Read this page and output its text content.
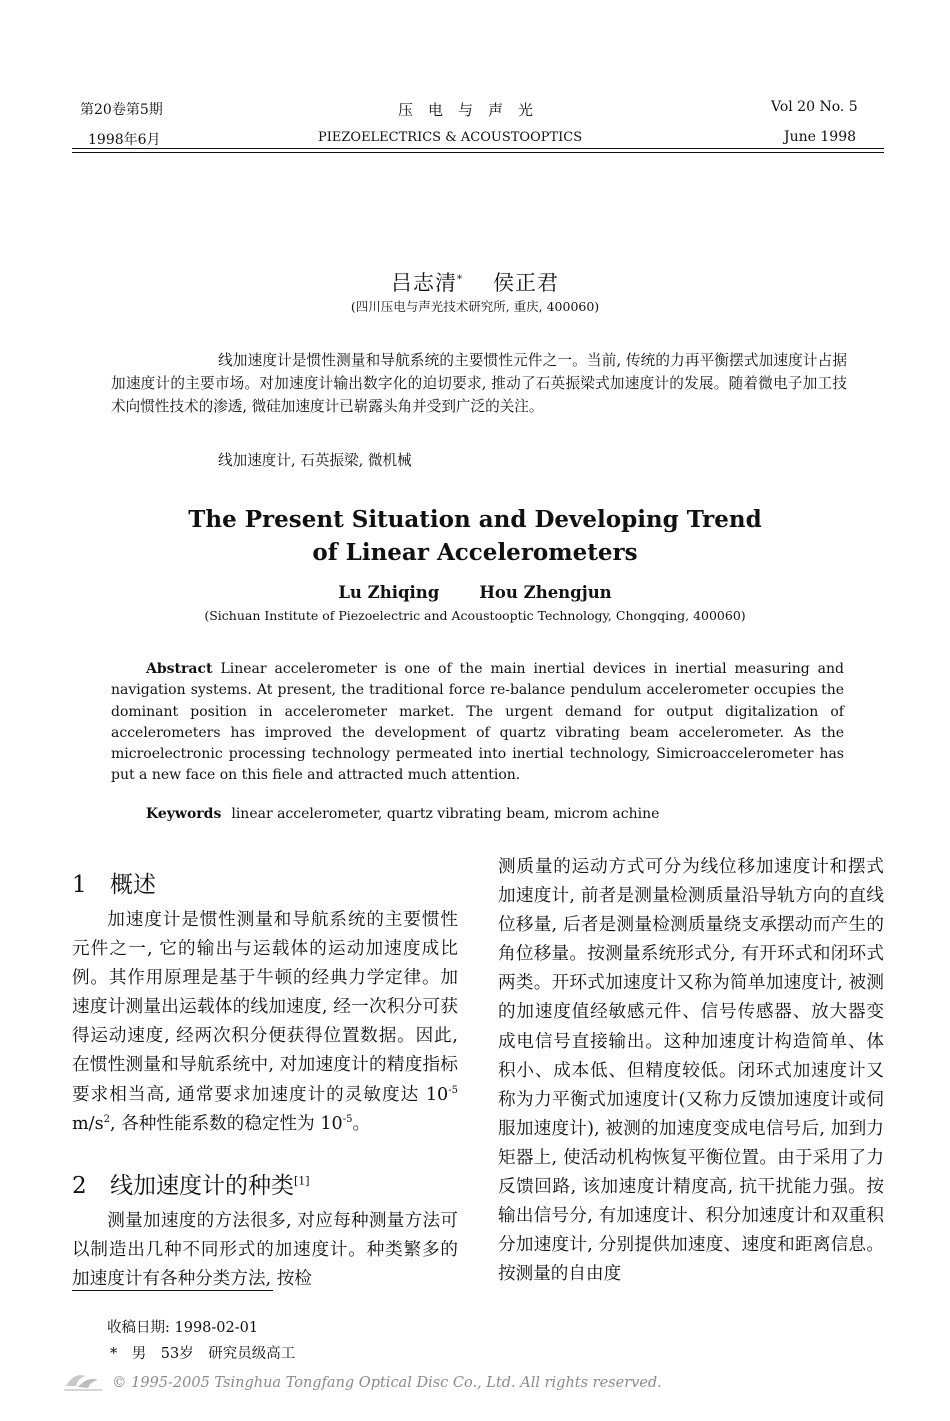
第20卷第5期
1998年6月
压　电　与　声　光
PIEZOELECTRICS & ACOUSTOOPTICS
Vol 20 No. 5
June 1998
吕志清* 侯正君
(四川压电与声光技术研究所, 重庆, 400060)
线加速度计是惯性测量和导航系统的主要惯性元件之一。当前, 传统的力再平衡摆式加速度计占据加速度计的主要市场。对加速度计输出数字化的迫切要求, 推动了石英振梁式加速度计的发展。随着微电子加工技术向惯性技术的渗透, 微硅加速度计已崭露头角并受到广泛的关注。
线加速度计, 石英振梁, 微机械
The Present Situation and Developing Trend
of Linear Accelerometers
Lu Zhiqing Hou Zhengjun
(Sichuan Institute of Piezoelectric and Acoustooptic Technology, Chongqing, 400060)
Abstract Linear accelerometer is one of the main inertial devices in inertial measuring and navigation systems. At present, the traditional force re-balance pendulum accelerometer occupies the dominant position in accelerometer market. The urgent demand for output digitalization of accelerometers has improved the development of quartz vibrating beam accelerometer. As the microelectronic processing technology permeated into inertial technology, Simicroaccelerometer has put a new face on this fiele and attracted much attention.
Keywords linear accelerometer, quartz vibrating beam, microm achine
1 概述

加速度计是惯性测量和导航系统的主要惯性元件之一, 它的输出与运载体的运动加速度成比例。其作用原理是基于牛顿的经典力学定律。加速度计测量出运载体的线加速度, 经一次积分可获得运动速度, 经两次积分便获得位置数据。因此, 在惯性测量和导航系统中, 对加速度计的精度指标要求相当高, 通常要求加速度计的灵敏度达 $10^{-5}$ $m/s^2$, 各种性能系数的稳定性为 $10^{-5}$。

2 线加速度计的种类[1]

测量加速度的方法很多, 对应每种测量方法可以制造出几种不同形式的加速度计。种类繁多的加速度计有各种分类方法, 按检

测质量的运动方式可分为线位移加速度计和摆式加速度计, 前者是测量检测质量沿导轨方向的直线位移量, 后者是测量检测质量绕支承摆动而产生的角位移量。按测量系统形式分, 有开环式和闭环式两类。开环式加速度计又称为简单加速度计, 被测的加速度值经敏感元件、信号传感器、放大器变成电信号直接输出。这种加速度计构造简单、体积小、成本低、但精度较低。闭环式加速度计又称为力平衡式加速度计(又称力反馈加速度计或伺服加速度计), 被测的加速度变成电信号后, 加到力矩器上, 使活动机构恢复平衡位置。由于采用了力反馈回路, 该加速度计精度高, 抗干扰能力强。按输出信号分, 有加速度计、积分加速度计和双重积分加速度计, 分别提供加速度、速度和距离信息。按测量的自由度

收稿日期: 1998-02-01
*　男　53岁　研究员级高工
© 1995-2005 Tsinghua Tongfang Optical Disc Co., Ltd. All rights reserved.
